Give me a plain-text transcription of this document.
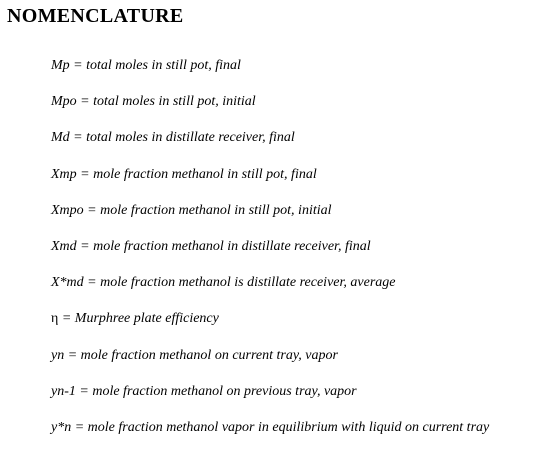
NOMENCLATURE
Mp = total moles in still pot, final
Mpo = total moles in still pot, initial
Md = total moles in distillate receiver, final
Xmp = mole fraction methanol in still pot, final
Xmpo = mole fraction methanol in still pot, initial
Xmd = mole fraction methanol in distillate receiver, final
X*md = mole fraction methanol is distillate receiver, average
η = Murphree plate efficiency
yn = mole fraction methanol on current tray, vapor
yn-1 = mole fraction methanol on previous tray, vapor
y*n = mole fraction methanol vapor in equilibrium with liquid on current tray
